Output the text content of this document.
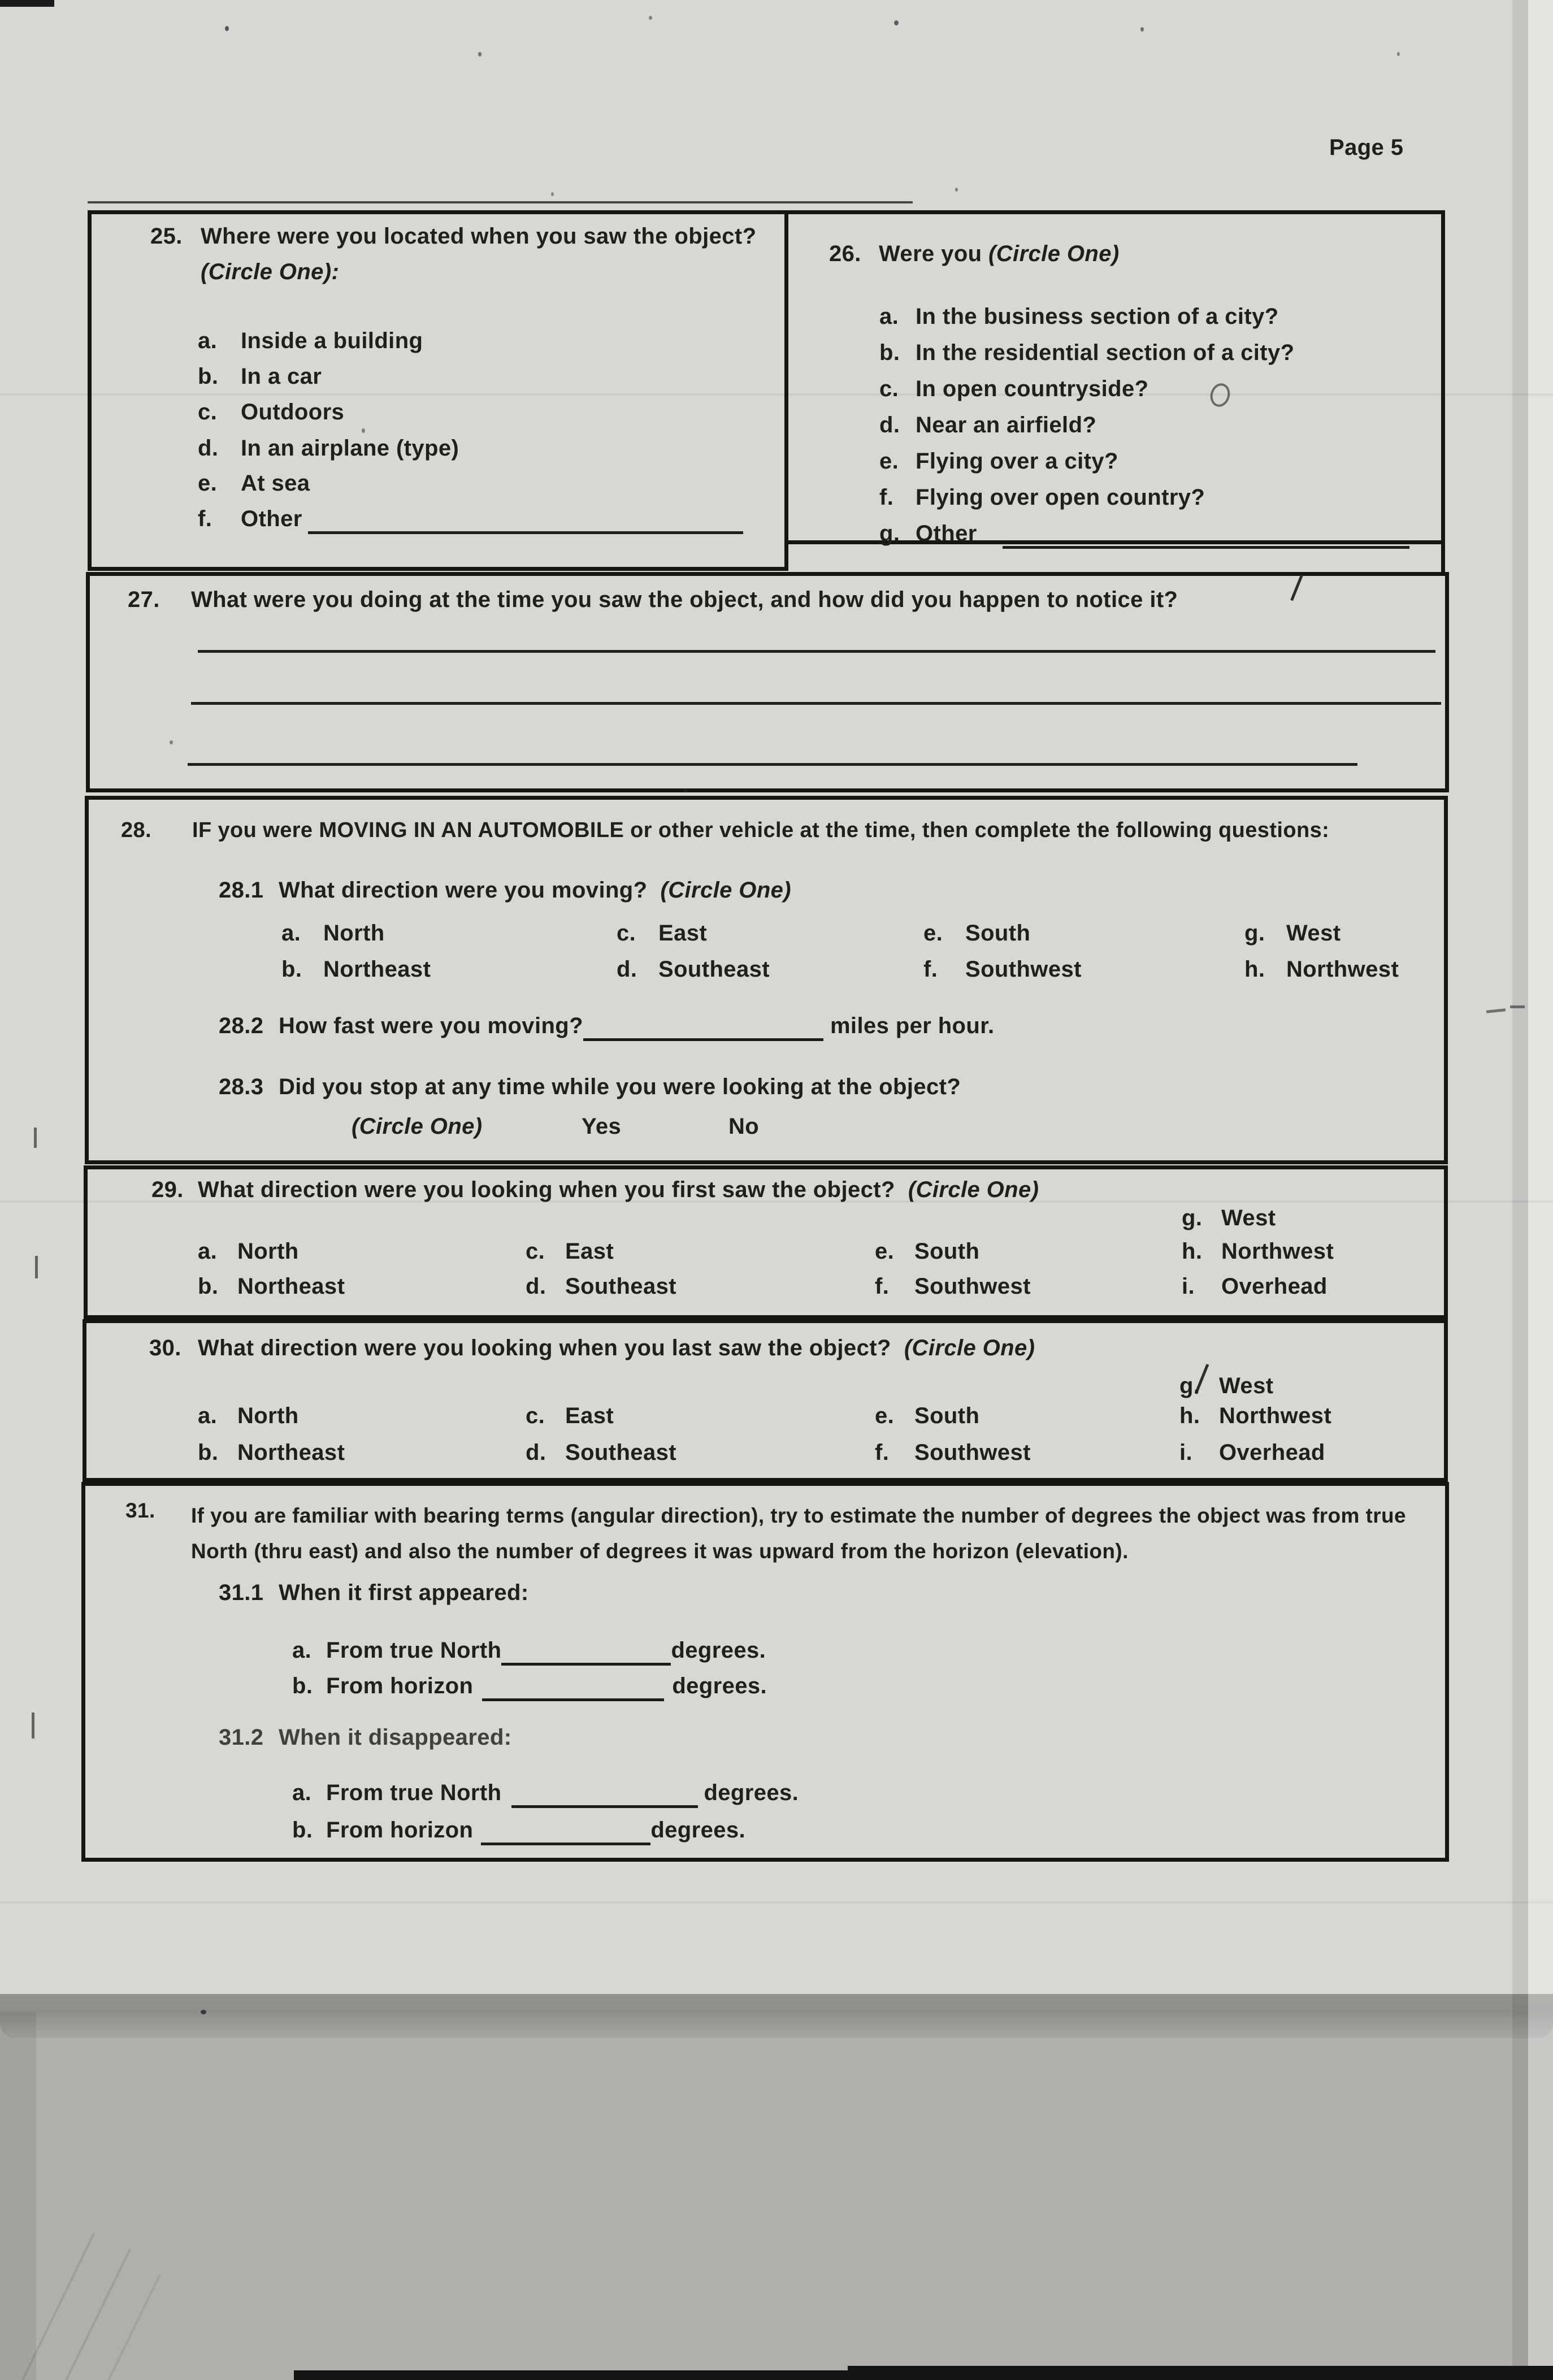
Page 5
25. Where were you located when you saw the object?
(Circle One):
a. Inside a building
b. In a car
c. Outdoors
d. In an airplane (type)
e. At sea
f. Other
26. Were you (Circle One)
a. In the business section of a city?
b. In the residential section of a city?
c. In open countryside?
d. Near an airfield?
e. Flying over a city?
f. Flying over open country?
g. Other
27. What were you doing at the time you saw the object, and how did you happen to notice it?
28. IF you were MOVING IN AN AUTOMOBILE or other vehicle at the time, then complete the following questions:
28.1 What direction were you moving? (Circle One)
a. North	c. East	e. South	g. West
b. Northeast	d. Southeast	f. Southwest	h. Northwest
28.2 How fast were you moving?	miles per hour.
28.3 Did you stop at any time while you were looking at the object?
(Circle One)	Yes	No
29. What direction were you looking when you first saw the object? (Circle One)
g. West
a. North	c. East	e. South	h. Northwest
b. Northeast	d. Southeast	f. Southwest	i. Overhead
30. What direction were you looking when you last saw the object? (Circle One)
g. West
a. North	c. East	e. South	h. Northwest
b. Northeast	d. Southeast	f. Southwest	i. Overhead
31. If you are familiar with bearing terms (angular direction), try to estimate the number of degrees the object was from true North (thru east) and also the number of degrees it was upward from the horizon (elevation).
31.1 When it first appeared:
a. From true North	degrees.
b. From horizon	degrees.
31.2 When it disappeared:
a. From true North	degrees.
b. From horizon	degrees.
